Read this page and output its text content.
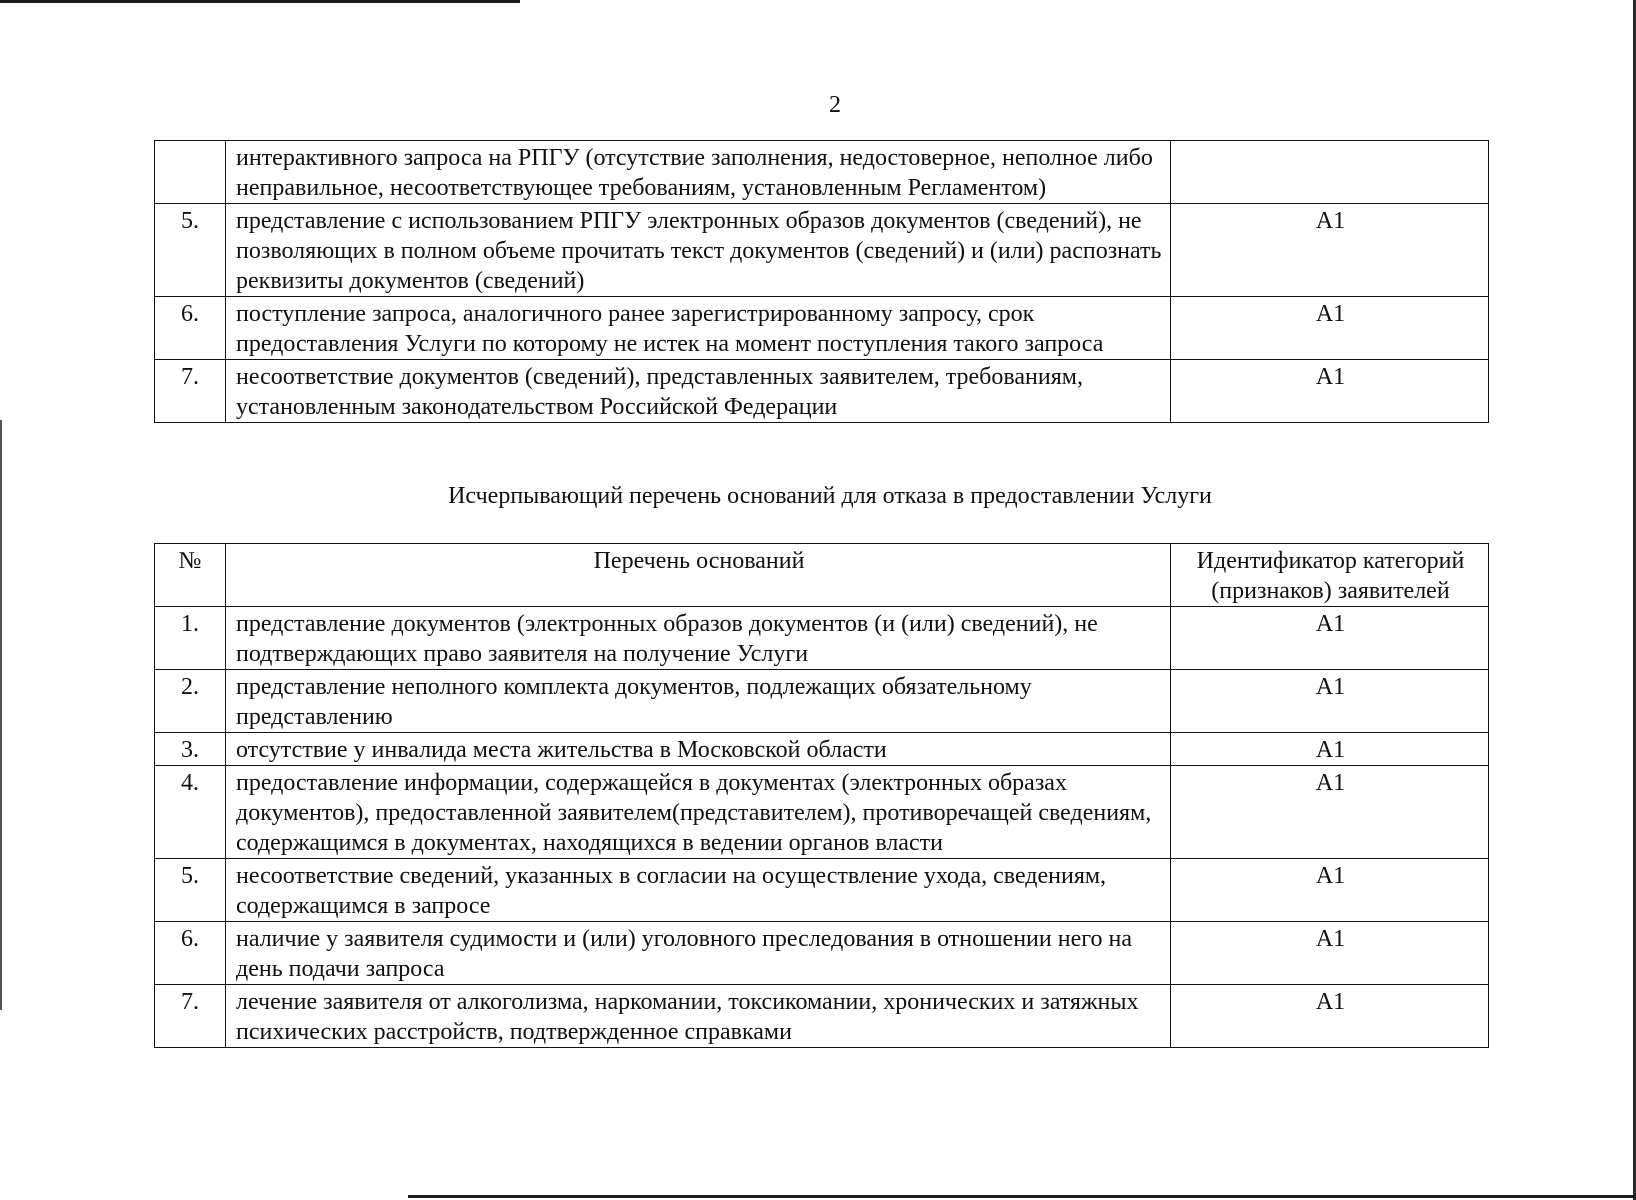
2
	интерактивного запроса на РПГУ (отсутствие заполнения, недостоверное, неполное либо неправильное, несоответствующее требованиям, установленным Регламентом)	
5.	представление с использованием РПГУ электронных образов документов (сведений), не позволяющих в полном объеме прочитать текст документов (сведений) и (или) распознать реквизиты документов (сведений)	А1
6.	поступление запроса, аналогичного ранее зарегистрированному запросу, срок предоставления Услуги по которому не истек на момент поступления такого запроса	А1
7.	несоответствие документов (сведений), представленных заявителем, требованиям, установленным законодательством Российской Федерации	А1
Исчерпывающий перечень оснований для отказа в предоставлении Услуги
№	Перечень оснований	Идентификатор категорий (признаков) заявителей
1.	представление документов (электронных образов документов (и (или) сведений), не подтверждающих право заявителя на получение Услуги	А1
2.	представление неполного комплекта документов, подлежащих обязательному представлению	А1
3.	отсутствие у инвалида места жительства в Московской области	А1
4.	предоставление информации, содержащейся в документах (электронных образах документов), предоставленной заявителем(представителем), противоречащей сведениям, содержащимся в документах, находящихся в ведении органов власти	А1
5.	несоответствие сведений, указанных в согласии на осуществление ухода, сведениям, содержащимся в запросе	А1
6.	наличие у заявителя судимости и (или) уголовного преследования в отношении него на день подачи запроса	А1
7.	лечение заявителя от алкоголизма, наркомании, токсикомании, хронических и затяжных психических расстройств, подтвержденное справками	А1
